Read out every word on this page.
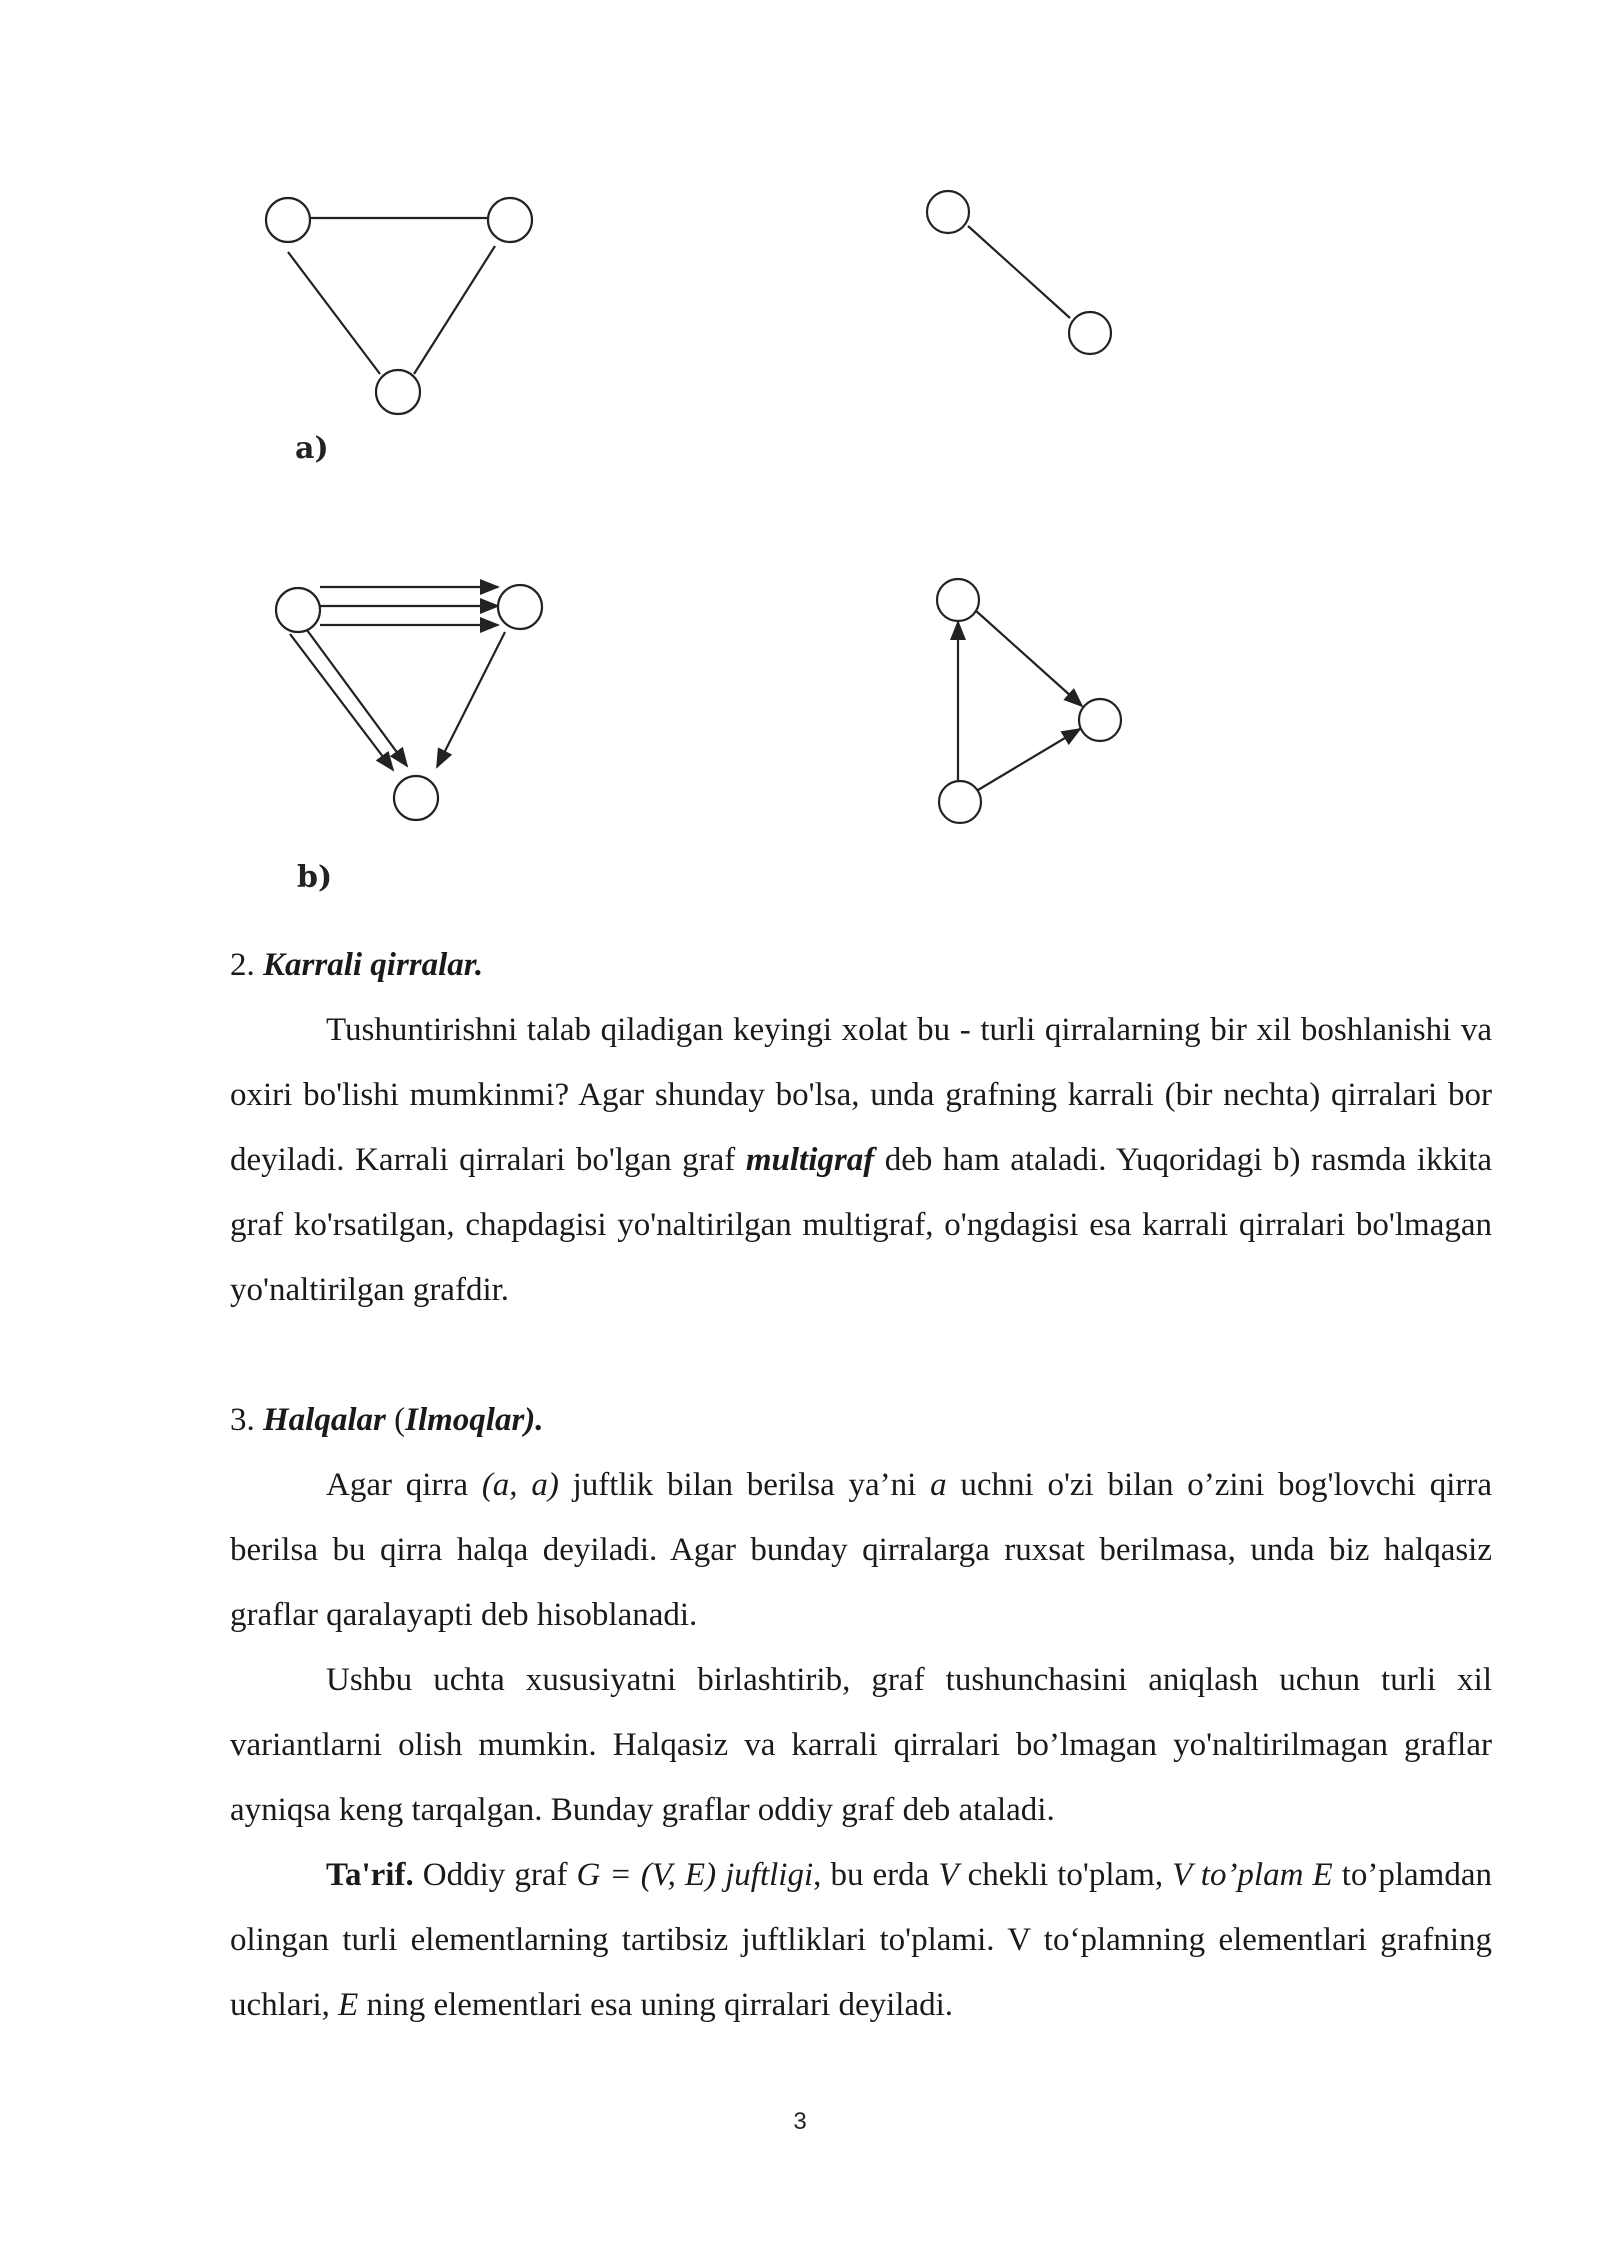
a)
b)

2. Karrali qirralar.

Tushuntirishni talab qiladigan keyingi xolat bu - turli qirralarning bir xil boshlanishi va oxiri bo'lishi mumkinmi? Agar shunday bo'lsa, unda grafning karrali (bir nechta) qirralari bor deyiladi. Karrali qirralari bo'lgan graf multigraf deb ham ataladi. Yuqoridagi b) rasmda ikkita graf ko'rsatilgan, chapdagisi yo'naltirilgan multigraf, o'ngdagisi esa karrali qirralari bo'lmagan yo'naltirilgan grafdir.

3. Halqalar (Ilmoqlar).

Agar qirra (a, a) juftlik bilan berilsa ya’ni a uchni o'zi bilan o’zini bog'lovchi qirra berilsa bu qirra halqa deyiladi. Agar bunday qirralarga ruxsat berilmasa, unda biz halqasiz graflar qaralayapti deb hisoblanadi.

Ushbu uchta xususiyatni birlashtirib, graf tushunchasini aniqlash uchun turli xil variantlarni olish mumkin. Halqasiz va karrali qirralari bo’lmagan yo'naltirilmagan graflar ayniqsa keng tarqalgan. Bunday graflar oddiy graf deb ataladi.

Ta'rif. Oddiy graf G = (V, E) juftligi, bu erda V chekli to'plam, V to’plam E to’plamdan olingan turli elementlarning tartibsiz juftliklari to'plami. V to‘plamning elementlari grafning uchlari, E ning elementlari esa uning qirralari deyiladi.

3
